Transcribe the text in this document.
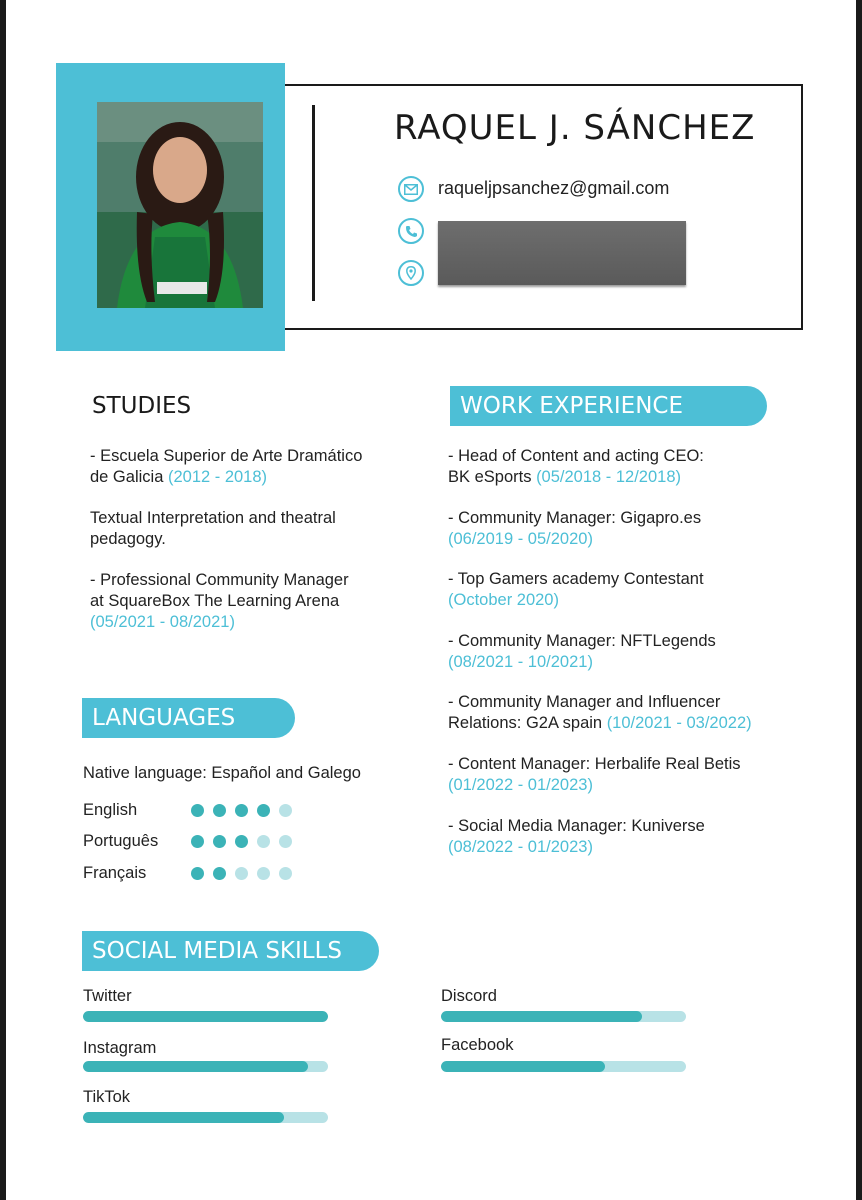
RAQUEL J. SÁNCHEZ
raqueljpsanchez@gmail.com
STUDIES
- Escuela Superior de Arte Dramático
de Galicia (2012 - 2018)
Textual Interpretation and theatral
pedagogy.
- Professional Community Manager
at SquareBox The Learning Arena
(05/2021 - 08/2021)
WORK EXPERIENCE
- Head of Content and acting CEO:
BK eSports (05/2018 - 12/2018)
- Community Manager: Gigapro.es
(06/2019 - 05/2020)
- Top Gamers academy Contestant
(October 2020)
- Community Manager: NFTLegends
(08/2021 - 10/2021)
- Community Manager and Influencer
Relations: G2A spain (10/2021 - 03/2022)
- Content Manager: Herbalife Real Betis
(01/2022 - 01/2023)
- Social Media Manager: Kuniverse
(08/2022 - 01/2023)
LANGUAGES
Native language: Español and Galego
English
Português
Français
SOCIAL MEDIA SKILLS
Twitter
Instagram
TikTok
Discord
Facebook
